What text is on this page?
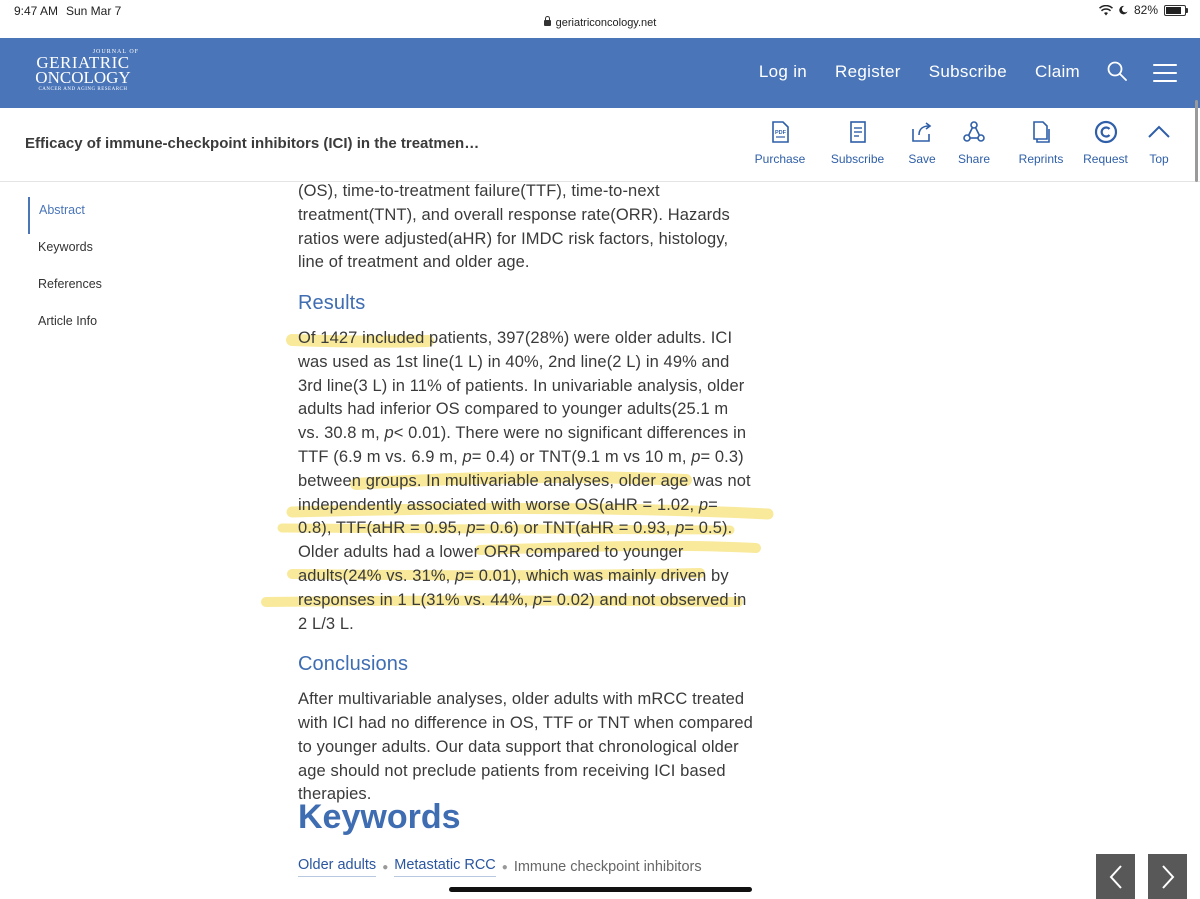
9:47 AM Sun Mar 7
geriatriconcology.net
82%
JOURNAL OF
GERIATRIC
ONCOLOGY
CANCER AND AGING RESEARCH
Log in Register Subscribe Claim
Efficacy of immune-checkpoint inhibitors (ICI) in the treatmen…
PDF
Purchase Subscribe Save Share Reprints Request Top
Abstract
Keywords
References
Article Info

(OS), time-to-treatment failure(TTF), time-to-next treatment(TNT), and overall response rate(ORR). Hazards ratios were adjusted(aHR) for IMDC risk factors, histology, line of treatment and older age.

Results

Of 1427 included patients, 397(28%) were older adults. ICI was used as 1st line(1 L) in 40%, 2nd line(2 L) in 49% and 3rd line(3 L) in 11% of patients. In univariable analysis, older adults had inferior OS compared to younger adults(25.1 m vs. 30.8 m, p< 0.01). There were no significant differences in TTF (6.9 m vs. 6.9 m, p= 0.4) or TNT(9.1 m vs 10 m, p= 0.3) between groups. In multivariable analyses, older age was not independently associated with worse OS(aHR = 1.02, p= 0.8), TTF(aHR = 0.95, p= 0.6) or TNT(aHR = 0.93, p= 0.5). Older adults had a lower ORR compared to younger adults(24% vs. 31%, p= 0.01), which was mainly driven by responses in 1 L(31% vs. 44%, p= 0.02) and not observed in 2 L/3 L.

Conclusions

After multivariable analyses, older adults with mRCC treated with ICI had no difference in OS, TTF or TNT when compared to younger adults. Our data support that chronological older age should not preclude patients from receiving ICI based therapies.

Keywords
Older adults ● Metastatic RCC ● Immune checkpoint inhibitors
